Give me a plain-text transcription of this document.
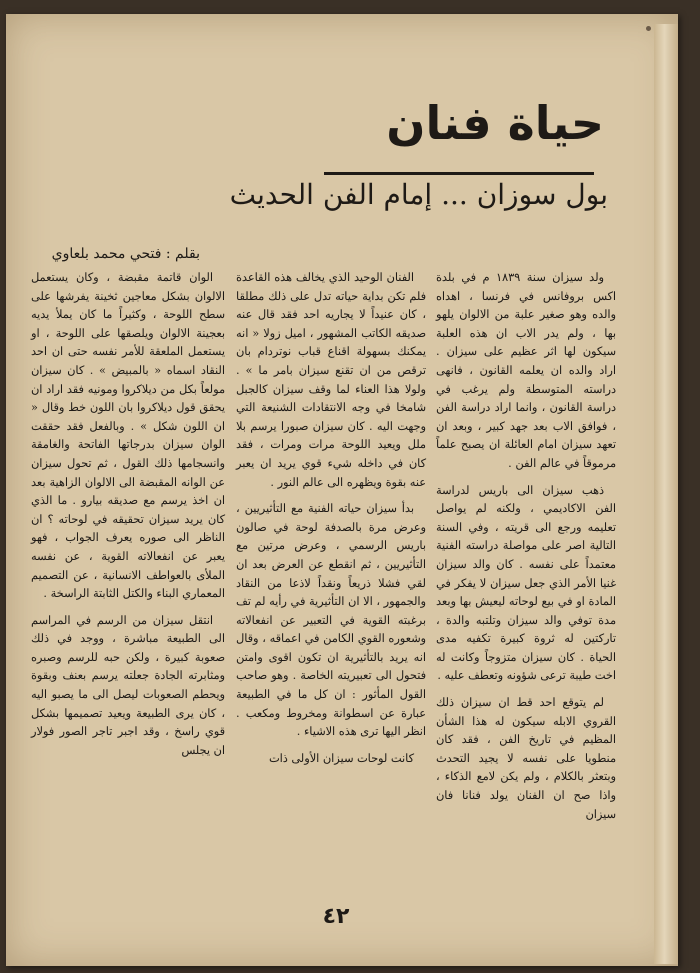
حياة فنان
بول سوزان ... إمام الفن الحديث
بقلم : فتحي محمد بلعاوي

ولد سيزان سنة ١٨٣٩ م في بلدة اكس بروفانس في فرنسا ، اهداه والده وهو صغير علبة من الالوان يلهو بها ، ولم يدر الاب ان هذه العلبة سيكون لها اثر عظيم على سيزان . اراد والده ان يعلمه القانون ، فانهى دراسته المتوسطة ولم يرغب في دراسة القانون ، وانما اراد دراسة الفن ، فوافق الاب بعد جهد كبير ، وبعد ان تعهد سيزان امام العائلة ان يصبح علماً مرموقاً في عالم الفن .

ذهب سيزان الى باريس لدراسة الفن الاكاديمي ، ولكنه لم يواصل تعليمه ورجع الى قريته ، وفي السنة التالية اصر على مواصلة دراسته الفنية معتمداً على نفسه . كان والد سيزان غنيا الأمر الذي جعل سيزان لا يفكر في المادة او في بيع لوحاته ليعيش بها وبعد مدة توفي والد سيزان وتلتبه والدة ، تاركتين له ثروة كبيرة تكفيه مدى الحياة . كان سيزان متزوجاً وكانت له اخت طيبة ترعى شؤونه وتعطف عليه .

لم يتوقع احد قط ان سيزان ذلك القروي الابله سيكون له هذا الشأن المظيم في تاريخ الفن ، فقد كان منطويا على نفسه لا يجيد التحدث وبتعثر بالكلام ، ولم يكن لامع الذكاء ، واذا صح ان الفنان يولد فنانا فان سيزان

الفنان الوحيد الذي يخالف هذه القاعدة فلم تكن بداية حياته تدل على ذلك مطلقا ، كان عنيداً لا يجاريه احد فقد قال عنه صديقه الكاتب المشهور ، اميل زولا « انه يمكنك بسهولة اقناع قباب نوتردام بان ترقص من ان تقنع سيزان بامر ما » . ولولا هذا العناء لما وقف سيزان كالجبل شامخا في وجه الانتقادات الشنيعة التي وجهت اليه . كان سيزان صبورا يرسم بلا ملل ويعيد اللوحة مرات ومرات ، فقد كان في داخله شيء قوي يريد ان يعبر عنه بقوة ويظهره الى عالم النور .

بدأ سيزان حياته الفنية مع التأثيريين ، وعرض مرة بالصدفة لوحة في صالون باريس الرسمي ، وعرض مرتين مع التأثيريين ، ثم انقطع عن العرض بعد ان لقي فشلا ذريعاً ونقداً لاذعا من النقاد والجمهور ، الا ان التأثيرية في رأيه لم تف برغبته القوية في التعبير عن انفعالاته وشعوره القوي الكامن في اعماقه ، وقال انه يريد بالتأثيرية ان تكون اقوى وامتن فتحول الى تعبيريته الخاصة . وهو صاحب القول المأثور : ان كل ما في الطبيعة عبارة عن اسطوانة ومخروط ومكعب . انظر اليها ترى هذه الاشياء .

كانت لوحات سيزان الأولى ذات

الوان قاتمة مقبضة ، وكان يستعمل الالوان بشكل معاجين ثخينة يفرشها على سطح اللوحة ، وكثيراً ما كان يملأ يديه بعجينة الالوان ويلصقها على اللوحة ، او يستعمل الملعقة للأمر نفسه حتى ان احد النقاد اسماه « بالمبيض » . كان سيزان مولعاً بكل من ديلاكروا ومونيه فقد اراد ان يحقق قول ديلاكروا بان اللون خط وقال « ان اللون شكل » . وبالفعل فقد حققت الوان سيزان بدرجاتها الفاتحة والغامقة وانسجامها ذلك القول ، ثم تحول سيزان عن الوانه المقبضة الى الالوان الزاهية بعد ان اخذ يرسم مع صديقه بيارو . ما الذي كان يريد سيزان تحقيقه في لوحاته ؟ ان الناظر الى صوره يعرف الجواب ، فهو يعبر عن انفعالاته القوية ، عن نفسه الملأى بالعواطف الانسانية ، عن التصميم المعماري البناء والكتل الثابتة الراسخة .

انتقل سيزان من الرسم في المراسم الى الطبيعة مباشرة ، ووجد في ذلك صعوبة كبيرة ، ولكن حبه للرسم وصبره ومثابرته الجادة جعلته يرسم بعنف وبقوة ويحطم الصعوبات ليصل الى ما يصبو اليه ، كان يرى الطبيعة ويعيد تصميمها بشكل قوي راسخ ، وقد اجبر تاجر الصور فولار ان يجلس

٤٢
